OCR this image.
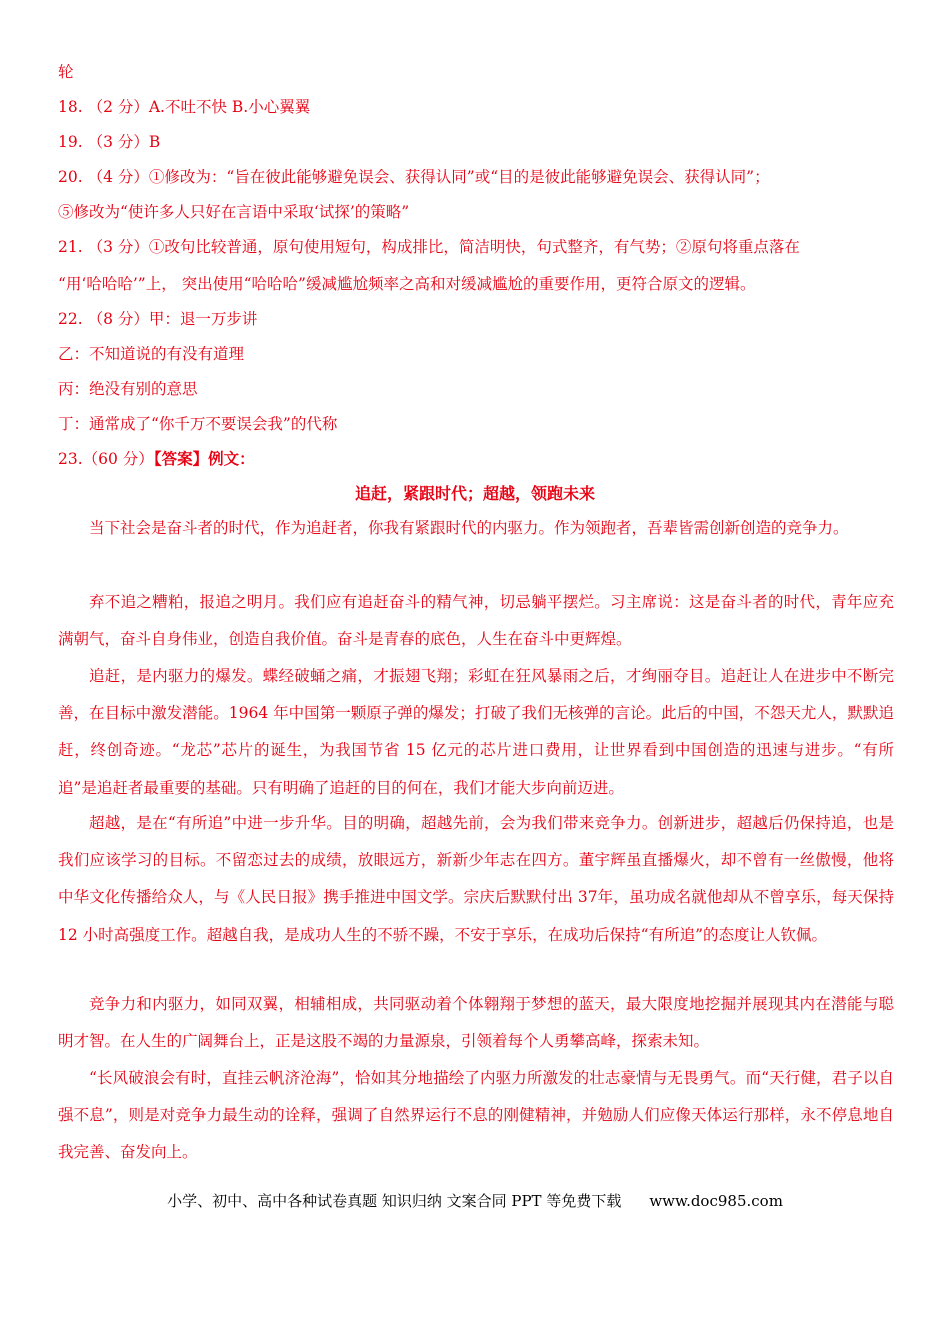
轮
18. （2 分）A.不吐不快 B.小心翼翼
19. （3 分）B
20. （4 分）①修改为：“旨在彼此能够避免误会、获得认同”或“目的是彼此能够避免误会、获得认同”；
⑤修改为“使许多人只好在言语中采取‘试探’的策略”
21. （3 分）①改句比较普通，原句使用短句，构成排比，简洁明快，句式整齐，有气势；②原句将重点落在
“用‘哈哈哈’”上， 突出使用“哈哈哈”缓减尴尬频率之高和对缓减尴尬的重要作用，更符合原文的逻辑。
22. （8 分）甲：退一万步讲
乙：不知道说的有没有道理
丙：绝没有别的意思
丁：通常成了“你千万不要误会我”的代称
23.（60 分）【答案】例文：
追赶，紧跟时代；超越，领跑未来
当下社会是奋斗者的时代，作为追赶者，你我有紧跟时代的内驱力。作为领跑者，吾辈皆需创新创造的竞争力。
弃不追之糟粕，报追之明月。我们应有追赶奋斗的精气神，切忌躺平摆烂。习主席说：这是奋斗者的时代，青年应充满朝气，奋斗自身伟业，创造自我价值。奋斗是青春的底色，人生在奋斗中更辉煌。
追赶，是内驱力的爆发。蝶经破蛹之痛，才振翅飞翔；彩虹在狂风暴雨之后，才绚丽夺目。追赶让人在进步中不断完善，在目标中激发潜能。1964 年中国第一颗原子弹的爆发；打破了我们无核弹的言论。此后的中国，不怨天尤人，默默追赶，终创奇迹。“龙芯”芯片的诞生，为我国节省 15 亿元的芯片进口费用，让世界看到中国创造的迅速与进步。“有所追”是追赶者最重要的基础。只有明确了追赶的目的何在，我们才能大步向前迈进。
超越，是在“有所追”中进一步升华。目的明确，超越先前，会为我们带来竞争力。创新进步，超越后仍保持追，也是我们应该学习的目标。不留恋过去的成绩，放眼远方，新新少年志在四方。董宇辉虽直播爆火，却不曾有一丝傲慢，他将中华文化传播给众人，与《人民日报》携手推进中国文学。宗庆后默默付出 37年，虽功成名就他却从不曾享乐，每天保持 12 小时高强度工作。超越自我，是成功人生的不骄不躁，不安于享乐，在成功后保持“有所追”的态度让人钦佩。
竞争力和内驱力，如同双翼，相辅相成，共同驱动着个体翱翔于梦想的蓝天，最大限度地挖掘并展现其内在潜能与聪明才智。在人生的广阔舞台上，正是这股不竭的力量源泉，引领着每个人勇攀高峰，探索未知。
“长风破浪会有时，直挂云帆济沧海”，恰如其分地描绘了内驱力所激发的壮志豪情与无畏勇气。而“天行健，君子以自强不息”，则是对竞争力最生动的诠释，强调了自然界运行不息的刚健精神，并勉励人们应像天体运行那样，永不停息地自我完善、奋发向上。
小学、初中、高中各种试卷真题 知识归纳 文案合同 PPT 等免费下载 www.doc985.com
